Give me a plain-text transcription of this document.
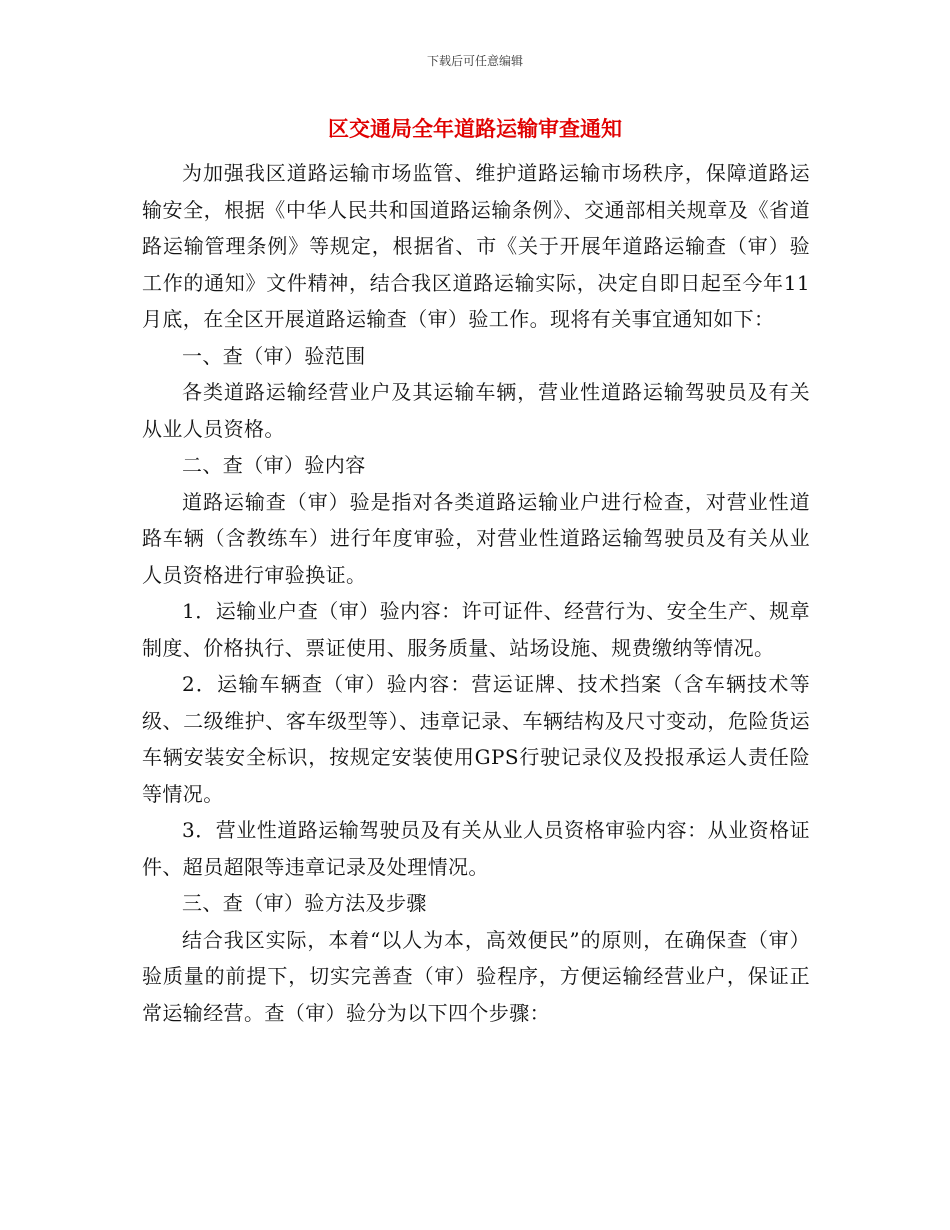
下载后可任意编辑
区交通局全年道路运输审查通知

为加强我区道路运输市场监管、维护道路运输市场秩序，保障道路运输安全，根据《中华人民共和国道路运输条例》、交通部相关规章及《省道路运输管理条例》等规定，根据省、市《关于开展年道路运输查（审）验工作的通知》文件精神，结合我区道路运输实际，决定自即日起至今年11月底，在全区开展道路运输查（审）验工作。现将有关事宜通知如下：

一、查（审）验范围

各类道路运输经营业户及其运输车辆，营业性道路运输驾驶员及有关从业人员资格。

二、查（审）验内容

道路运输查（审）验是指对各类道路运输业户进行检查，对营业性道路车辆（含教练车）进行年度审验，对营业性道路运输驾驶员及有关从业人员资格进行审验换证。

1．运输业户查（审）验内容：许可证件、经营行为、安全生产、规章制度、价格执行、票证使用、服务质量、站场设施、规费缴纳等情况。

2．运输车辆查（审）验内容：营运证牌、技术挡案（含车辆技术等级、二级维护、客车级型等）、违章记录、车辆结构及尺寸变动，危险货运车辆安装安全标识，按规定安装使用GPS行驶记录仪及投报承运人责任险等情况。

3．营业性道路运输驾驶员及有关从业人员资格审验内容：从业资格证件、超员超限等违章记录及处理情况。

三、查（审）验方法及步骤

结合我区实际，本着“以人为本，高效便民”的原则，在确保查（审）验质量的前提下，切实完善查（审）验程序，方便运输经营业户，保证正常运输经营。查（审）验分为以下四个步骤：
